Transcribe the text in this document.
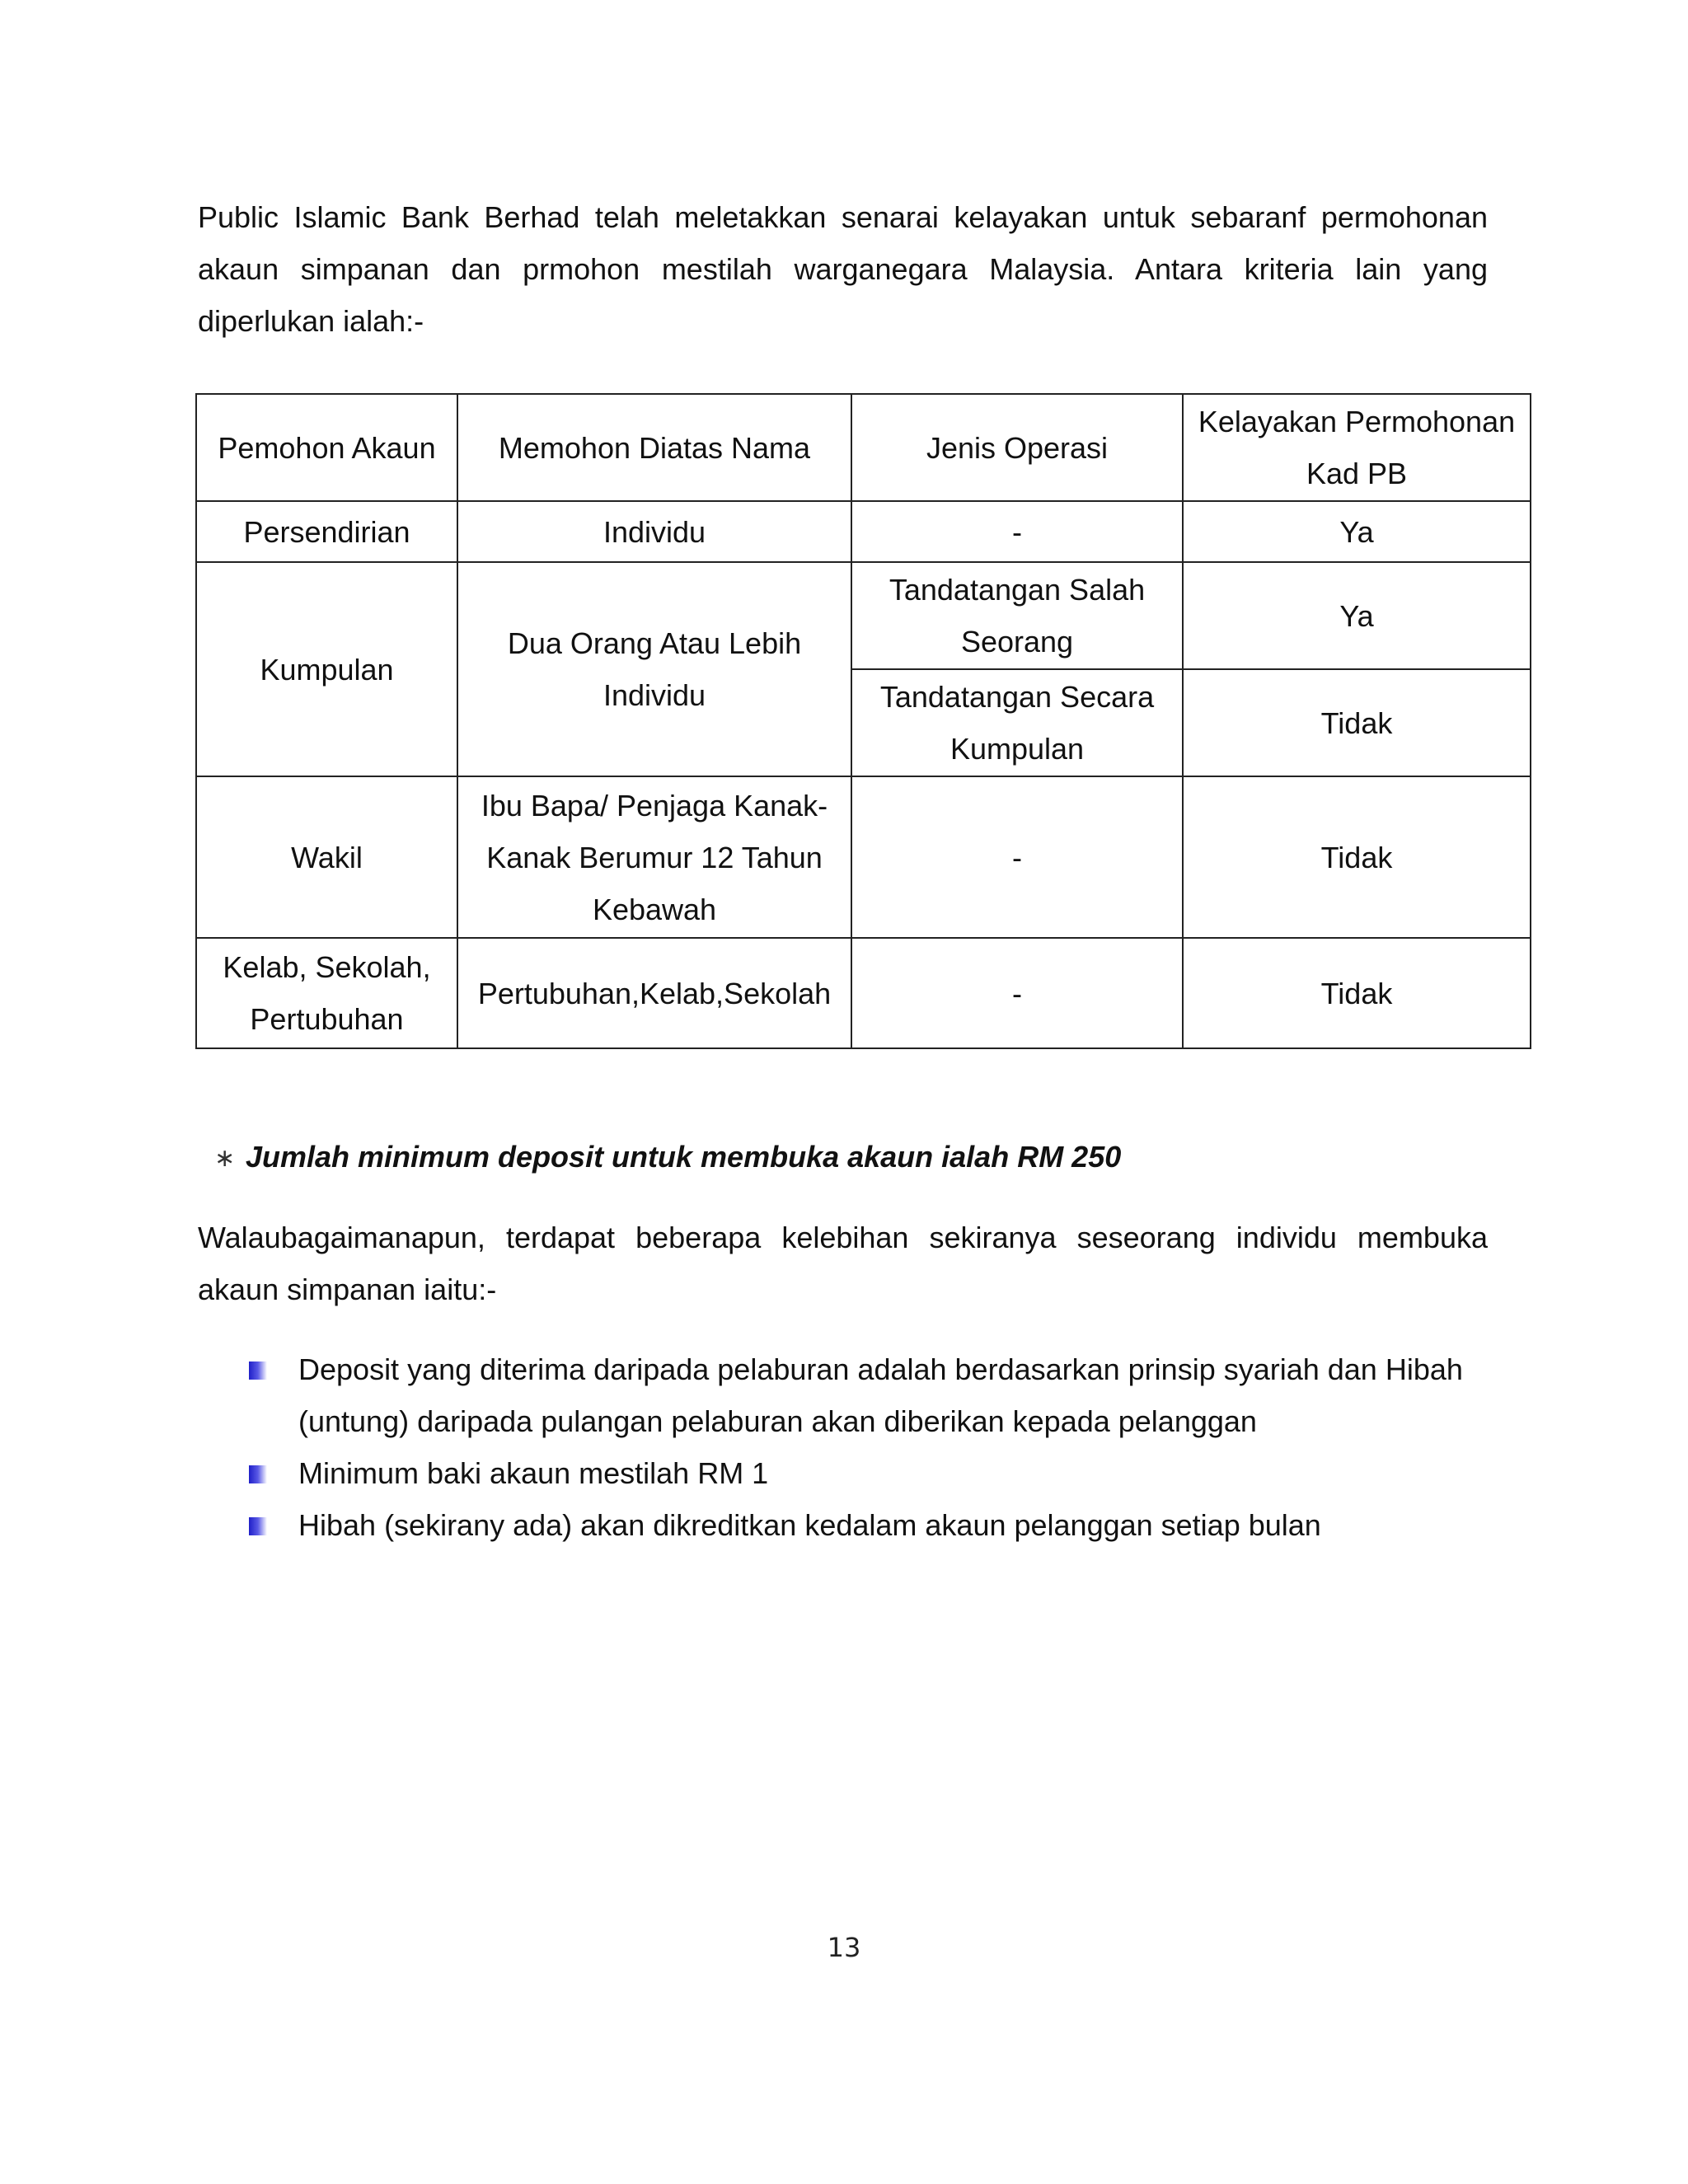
Public Islamic Bank Berhad telah meletakkan senarai kelayakan untuk sebaranf permohonan akaun simpanan dan prmohon mestilah warganegara Malaysia. Antara kriteria lain yang diperlukan ialah:-

Pemohon Akaun	Memohon Diatas Nama	Jenis Operasi	Kelayakan Permohonan Kad PB
Persendirian	Individu	-	Ya
Kumpulan	Dua Orang Atau Lebih Individu	Tandatangan Salah Seorang	Ya
		Tandatangan Secara Kumpulan	Tidak
Wakil	Ibu Bapa/ Penjaga Kanak-Kanak Berumur 12 Tahun Kebawah	-	Tidak
Kelab, Sekolah, Pertubuhan	Pertubuhan,Kelab,Sekolah	-	Tidak
∗ Jumlah minimum deposit untuk membuka akaun ialah RM 250

Walaubagaimanapun, terdapat beberapa kelebihan sekiranya seseorang individu membuka akaun simpanan iaitu:-

Deposit yang diterima daripada pelaburan adalah berdasarkan prinsip syariah dan Hibah (untung) daripada pulangan pelaburan akan diberikan kepada pelanggan
Minimum baki akaun mestilah RM 1
Hibah (sekirany ada) akan dikreditkan kedalam akaun pelanggan setiap bulan
13
